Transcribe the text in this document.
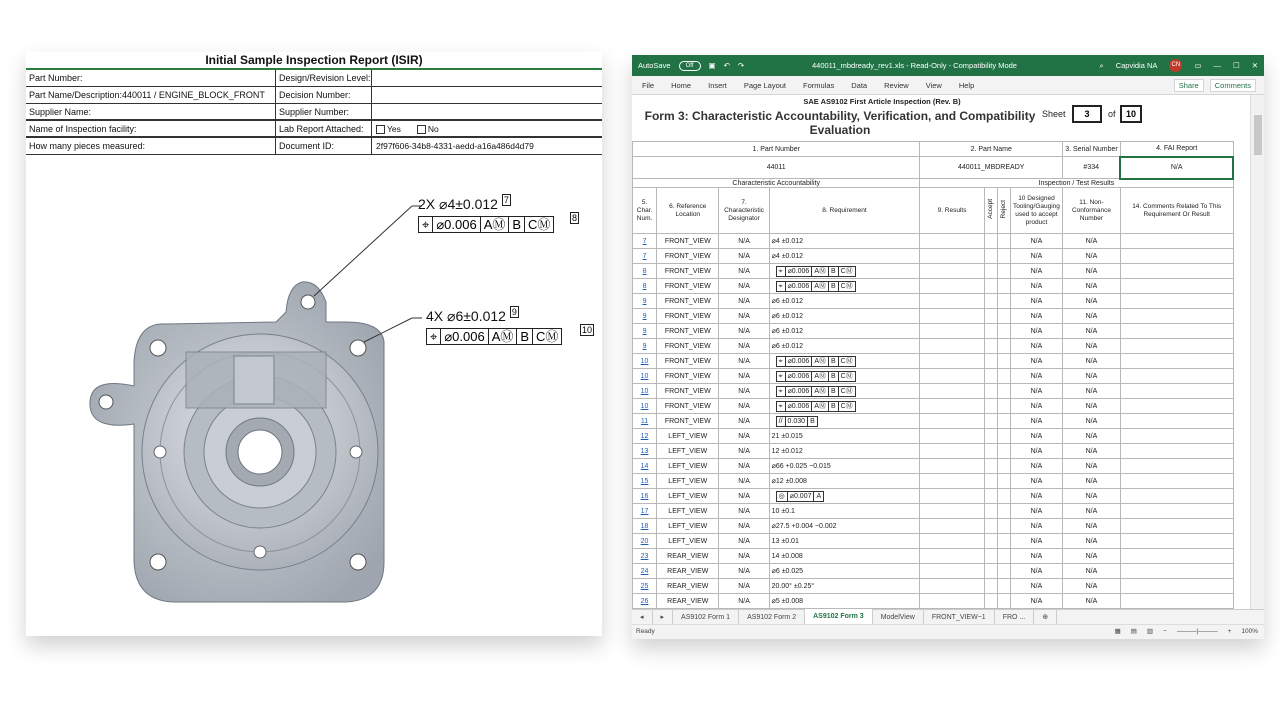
Initial Sample Inspection Report (ISIR)
Part Number:	Design/Revision Level:
Part Name/Description:440011 / ENGINE_BLOCK_FRONT	Decision Number:
Supplier Name:	Supplier Number:
Name of Inspection facility:	Lab Report Attached:	Yes	No
How many pieces measured:	Document ID:	2f97f606-34b8-4331-aedd-a16a486d4d79
2X ⌀4±0.012 $^7$
⌖ ⌀0.006 AⓂ B CⓂ	8
4X ⌀6±0.012 $^9$
⌖ ⌀0.006 AⓂ B CⓂ	10
AutoSave	Off	▣ ↶ ↷	440011_mbdready_rev1.xls - Read-Only - Compatibility Mode	⌕ Capvidia NA	CN ▭ — ☐ ✕
File Home Insert Page Layout Formulas Data Review View Help	Share	Comments
SAE AS9102 First Article Inspection (Rev. B)
Form 3: Characteristic Accountability, Verification, and Compatibility Evaluation
Sheet	3	of	10
1. Part Number				2. Part Name				3. Serial Number	4. FAI Report
44011				440011_MBDREADY				#334	N/A
Characteristic Accountability				Inspection / Test Results					
5. Char. Num.	6. Reference Location	7. Characteristic Designator	8. Requirement	9. Results	Accept	Reject	10 Designed Tooling/Gauging used to accept product	11. Non-Conformance Number	14. Comments Related To This Requirement Or Result
7	FRONT_VIEW	N/A	⌀4 ±0.012				N/A	N/A	
7	FRONT_VIEW	N/A	⌀4 ±0.012				N/A	N/A	
8	FRONT_VIEW	N/A	⌖ ⌀0.006 AⓂ B CⓂ				N/A	N/A	
8	FRONT_VIEW	N/A	⌖ ⌀0.006 AⓂ B CⓂ				N/A	N/A	
9	FRONT_VIEW	N/A	⌀6 ±0.012				N/A	N/A	
9	FRONT_VIEW	N/A	⌀6 ±0.012				N/A	N/A	
9	FRONT_VIEW	N/A	⌀6 ±0.012				N/A	N/A	
9	FRONT_VIEW	N/A	⌀6 ±0.012				N/A	N/A	
10	FRONT_VIEW	N/A	⌖ ⌀0.006 AⓂ B CⓂ				N/A	N/A	
10	FRONT_VIEW	N/A	⌖ ⌀0.006 AⓂ B CⓂ				N/A	N/A	
10	FRONT_VIEW	N/A	⌖ ⌀0.006 AⓂ B CⓂ				N/A	N/A	
10	FRONT_VIEW	N/A	⌖ ⌀0.006 AⓂ B CⓂ				N/A	N/A	
11	FRONT_VIEW	N/A	// 0.030 B				N/A	N/A	
12	LEFT_VIEW	N/A	21 ±0.015				N/A	N/A	
13	LEFT_VIEW	N/A	12 ±0.012				N/A	N/A	
14	LEFT_VIEW	N/A	⌀66 +0.025 −0.015				N/A	N/A	
15	LEFT_VIEW	N/A	⌀12 ±0.008				N/A	N/A	
16	LEFT_VIEW	N/A	◎ ⌀0.007 A				N/A	N/A	
17	LEFT_VIEW	N/A	10 ±0.1				N/A	N/A	
18	LEFT_VIEW	N/A	⌀27.5 +0.004 −0.002				N/A	N/A	
20	LEFT_VIEW	N/A	13 ±0.01				N/A	N/A	
23	REAR_VIEW	N/A	14 ±0.008				N/A	N/A	
24	REAR_VIEW	N/A	⌀6 ±0.025				N/A	N/A	
25	REAR_VIEW	N/A	20.00° ±0.25°				N/A	N/A	
26	REAR_VIEW	N/A	⌀5 ±0.008				N/A	N/A	
◂	▸	AS9102 Form 1	AS9102 Form 2	AS9102 Form 3	ModelView	FRONT_VIEW~1	FRO ...	⊕
Ready	▦ ▤ ▥ − ———|——— + 100%
